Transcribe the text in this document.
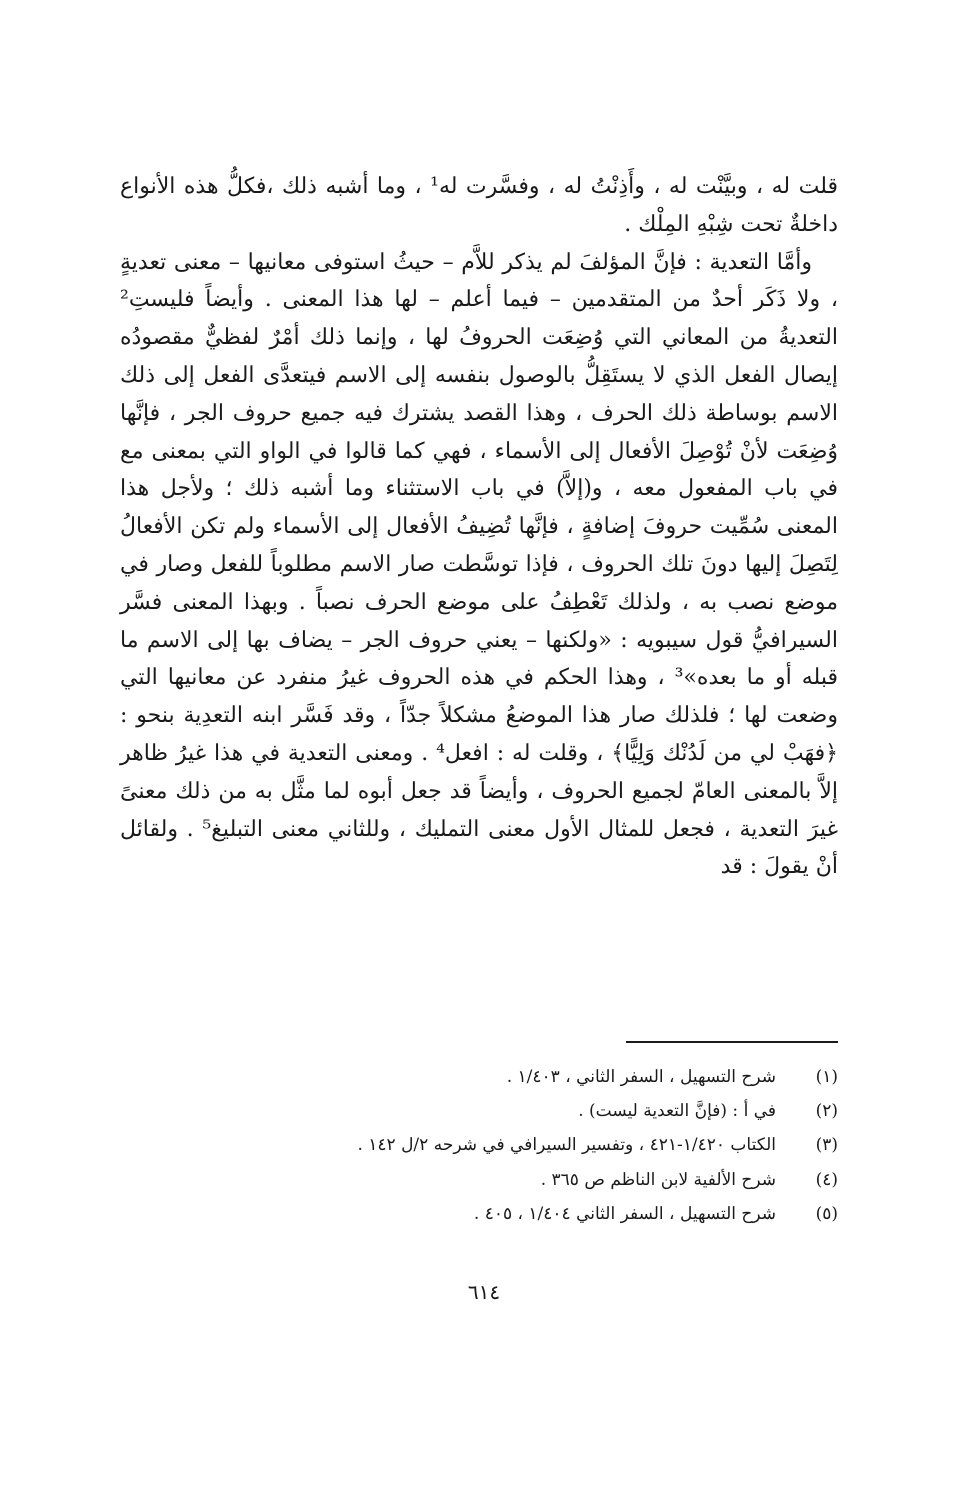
قلت له ، وبيَّنْت له ، وأَذِنْتُ له ، وفسَّرت له¹ ، وما أشبه ذلك ،فكلُّ هذه الأنواع داخلةٌ تحت شِبْهِ المِلْك .

وأمَّا التعدية : فإنَّ المؤلفَ لم يذكر للاَّم – حيثُ استوفى معانيها – معنى تعديةٍ ، ولا ذَكَر أحدٌ من المتقدمين – فيما أعلم – لها هذا المعنى . وأيضاً فليستِ² التعديةُ من المعاني التي وُضِعَت الحروفُ لها ، وإنما ذلك أمْرٌ لفظيٌّ مقصودُه إيصال الفعل الذي لا يستَقِلُّ بالوصول بنفسه إلى الاسم فيتعدَّى الفعل إلى ذلك الاسم بوساطة ذلك الحرف ، وهذا القصد يشترك فيه جميع حروف الجر ، فإنَّها وُضِعَت لأنْ تُوْصِلَ الأفعال إلى الأسماء ، فهي كما قالوا في الواو التي بمعنى مع في باب المفعول معه ، و(إلاَّ) في باب الاستثناء وما أشبه ذلك ؛ ولأجل هذا المعنى سُمِّيت حروفَ إضافةٍ ، فإنَّها تُضِيفُ الأفعال إلى الأسماء ولم تكن الأفعالُ لِتَصِلَ إليها دونَ تلك الحروف ، فإذا توسَّطت صار الاسم مطلوباً للفعل وصار في موضع نصب به ، ولذلك تَعْطِفُ على موضع الحرف نصباً . وبهذا المعنى فسَّر السيرافيُّ قول سيبويه : «ولكنها – يعني حروف الجر – يضاف بها إلى الاسم ما قبله أو ما بعده»³ ، وهذا الحكم في هذه الحروف غيرُ منفرد عن معانيها التي وضعت لها ؛ فلذلك صار هذا الموضعُ مشكلاً جدّاً ، وقد فَسَّر ابنه التعدِية بنحو : ﴿فهَبْ لي من لَدُنْك وَلِيًّا﴾ ، وقلت له : افعل⁴ . ومعنى التعدية في هذا غيرُ ظاهر إلاَّ بالمعنى العامّ لجميع الحروف ، وأيضاً قد جعل أبوه لما مثَّل به من ذلك معنىً غيرَ التعدية ، فجعل للمثال الأول معنى التمليك ، وللثاني معنى التبليغ⁵ . ولقائل أنْ يقولَ : قد

(١)
شرح التسهيل ، السفر الثاني ، ١/٤٠٣ .
(٢)
في أ : (فإنَّ التعدية ليست) .
(٣)
الكتاب ١/٤٢٠-٤٢١ ، وتفسير السيرافي في شرحه ٢/ل ١٤٢ .
(٤)
شرح الألفية لابن الناظم ص ٣٦٥ .
(٥)
شرح التسهيل ، السفر الثاني ١/٤٠٤ ، ٤٠٥ .
٦١٤
